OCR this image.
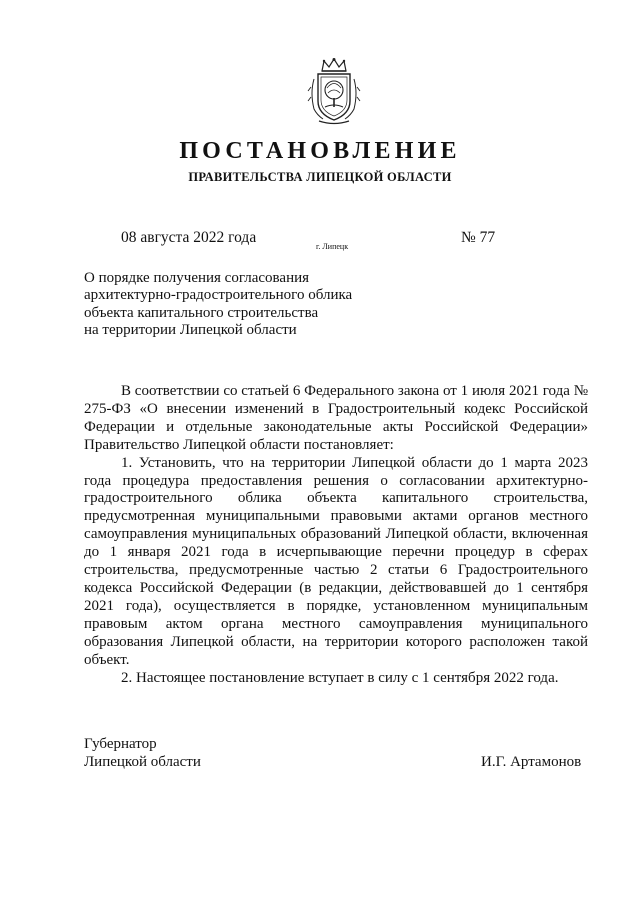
ПОСТАНОВЛЕНИЕ
ПРАВИТЕЛЬСТВА ЛИПЕЦКОЙ ОБЛАСТИ
08 августа 2022 года
г. Липецк
№ 77
О порядке получения согласования
архитектурно-градостроительного облика
объекта капитального строительства
на территории Липецкой области

В соответствии со статьей 6 Федерального закона от 1 июля 2021 года № 275-ФЗ «О внесении изменений в Градостроительный кодекс Российской Федерации и отдельные законодательные акты Российской Федерации» Правительство Липецкой области постановляет:

1. Установить, что на территории Липецкой области до 1 марта 2023 года процедура предоставления решения о согласовании архитектурно-градостроительного облика объекта капитального строительства, предусмотренная муниципальными правовыми актами органов местного самоуправления муниципальных образований Липецкой области, включенная до 1 января 2021 года в исчерпывающие перечни процедур в сферах строительства, предусмотренные частью 2 статьи 6 Градостроительного кодекса Российской Федерации (в редакции, действовавшей до 1 сентября 2021 года), осуществляется в порядке, установленном муниципальным правовым актом органа местного самоуправления муниципального образования Липецкой области, на территории которого расположен такой объект.

2. Настоящее постановление вступает в силу с 1 сентября 2022 года.

Губернатор
Липецкой области	И.Г. Артамонов
